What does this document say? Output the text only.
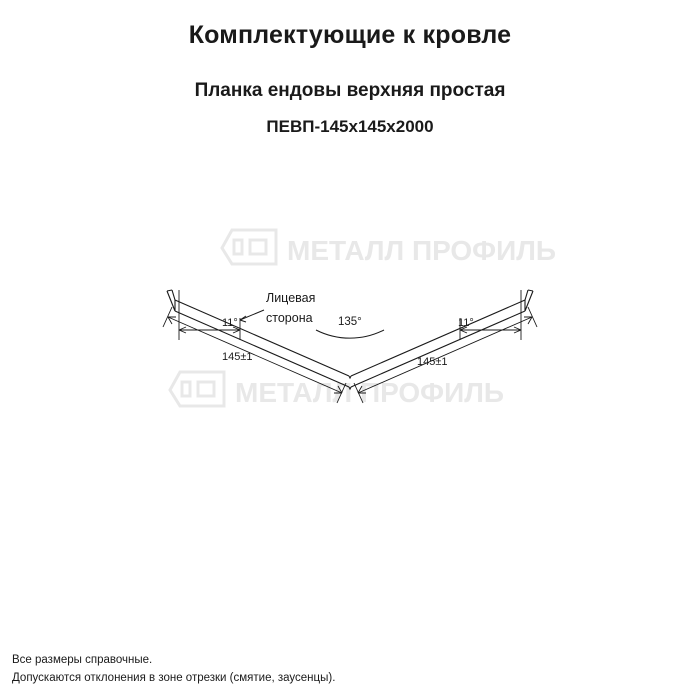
Комплектующие к кровле
Планка ендовы верхняя простая
ПЕВП-145х145х2000
МЕТАЛЛ ПРОФИЛЬ
МЕТАЛЛ ПРОФИЛЬ
135°
Лицевая
сторона
11°	11°
145±1	145±1
Все размеры справочные.
Допускаются отклонения в зоне отрезки (смятие, заусенцы).
